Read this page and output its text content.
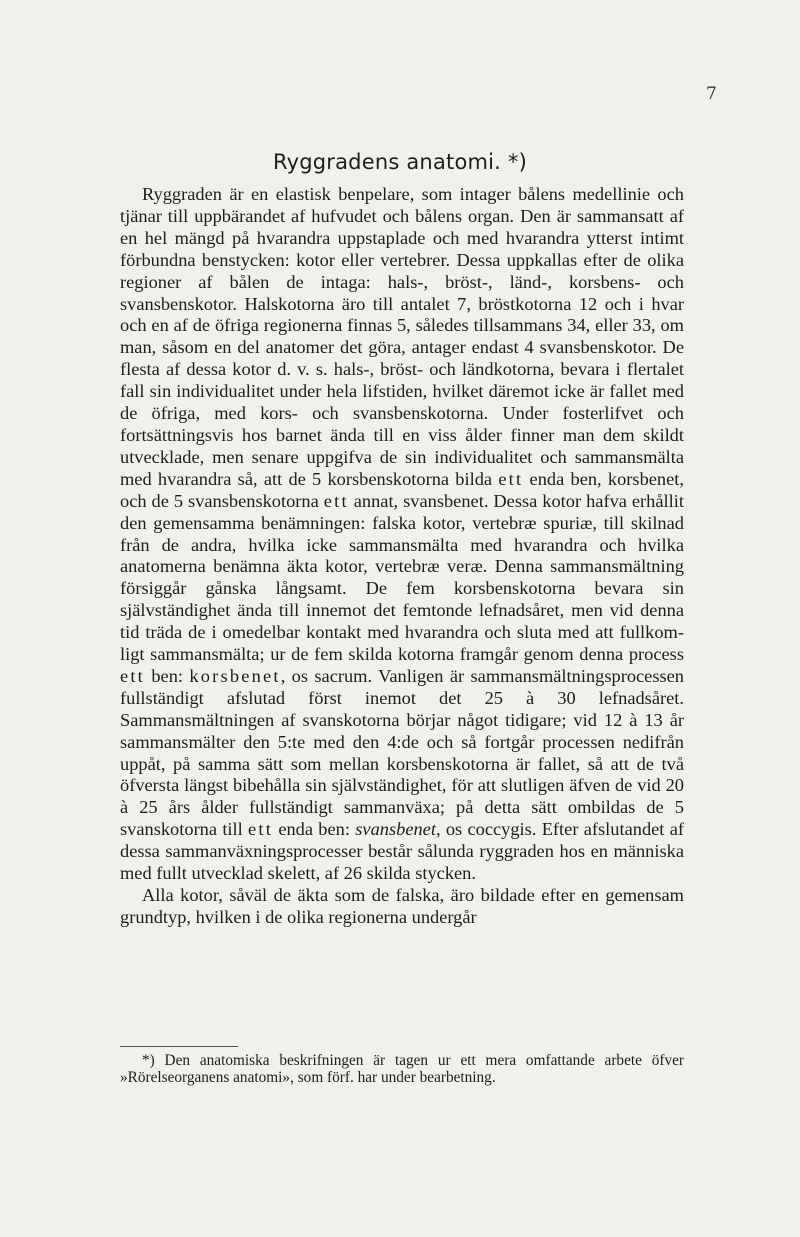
7
Ryggradens anatomi. *)

Ryggraden är en elastisk benpelare, som intager bålens medellinie och tjänar till uppbärandet af hufvudet och bålens organ. Den är sammansatt af en hel mängd på hvarandra uppstaplade och med hvarandra ytterst intimt förbundna benstycken: kotor eller vertebrer. Dessa uppkallas efter de olika regioner af bålen de intaga: hals-, bröst-, länd-, korsbens- och svansbenskotor. Halskotorna äro till antalet 7, bröstkotorna 12 och i hvar och en af de öfriga regionerna finnas 5, således tillsammans 34, eller 33, om man, såsom en del anatomer det göra, antager endast 4 svansbenskotor. De flesta af dessa kotor d. v. s. hals-, bröst- och ländkotorna, bevara i flertalet fall sin individualitet under hela lifstiden, hvilket däremot icke är fallet med de öfriga, med kors- och svansbenskotorna. Under fosterlifvet och fortsättningsvis hos barnet ända till en viss ålder finner man dem skildt utvecklade, men senare uppgifva de sin individualitet och sammansmälta med hvarandra så, att de 5 korsbenskotorna bilda ett enda ben, korsbenet, och de 5 svansbenskotorna ett annat, svansbenet. Dessa kotor hafva erhållit den gemensamma benämningen: falska kotor, vertebræ spuriæ, till skilnad från de andra, hvilka icke sammansmälta med hvarandra och hvilka anatomerna benämna äkta kotor, vertebræ veræ. Denna sammansmältning försiggår gånska långsamt. De fem korsbenskotorna bevara sin självständighet ända till innemot det femtonde lefnadsåret, men vid denna tid träda de i omedelbar kontakt med hvarandra och sluta med att fullkomligt sammansmälta; ur de fem skilda kotorna framgår genom denna process ett ben: korsbenet, os sacrum. Vanligen är sammansmältningsprocessen fullständigt afslutad först inemot det 25 à 30 lefnadsåret. Sammansmältningen af svanskotorna börjar något tidigare; vid 12 à 13 år sammansmälter den 5:te med den 4:de och så fortgår processen nedifrån uppåt, på samma sätt som mellan korsbenskotorna är fallet, så att de två öfversta längst bibehålla sin självständighet, för att slutligen äfven de vid 20 à 25 års ålder fullständigt sammanväxa; på detta sätt ombildas de 5 svanskotorna till ett enda ben: svansbenet, os coccygis. Efter afslutandet af dessa sammanväxningsprocesser består sålunda ryggraden hos en människa med fullt utvecklad skelett, af 26 skilda stycken.

Alla kotor, såväl de äkta som de falska, äro bildade efter en gemensam grundtyp, hvilken i de olika regionerna undergår

*) Den anatomiska beskrifningen är tagen ur ett mera omfattande arbete öfver »Rörelseorganens anatomi», som förf. har under bearbetning.
